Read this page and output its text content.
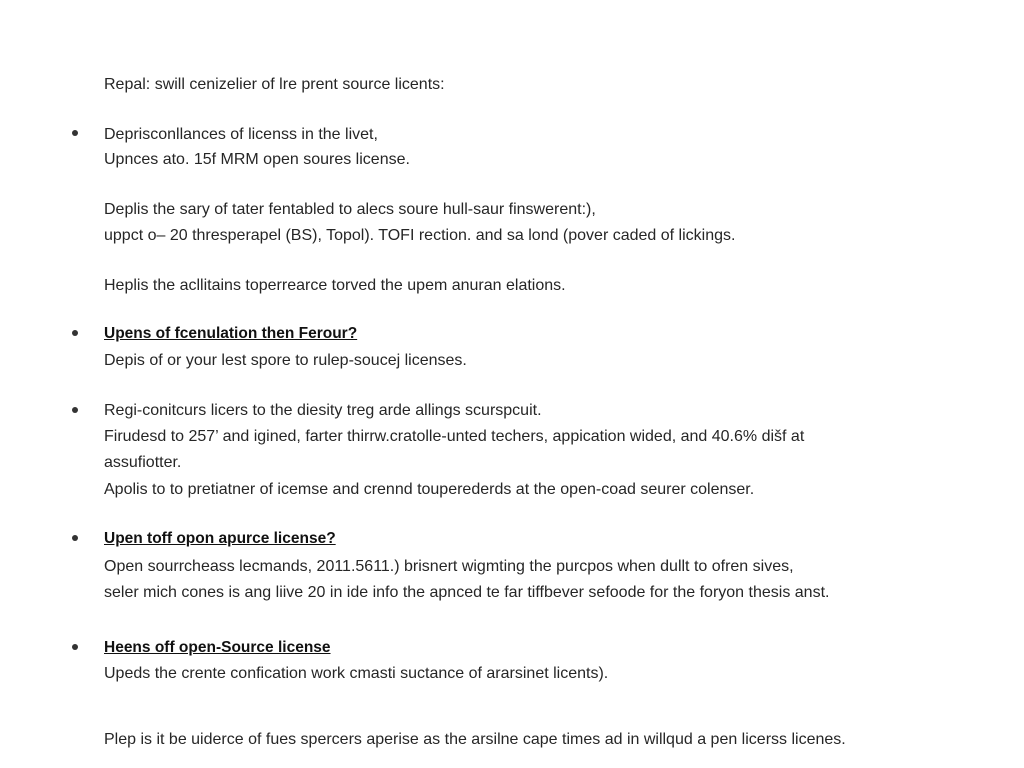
Repal: swill cenizelier of lre prent source licents:
Deprisconllances of licenss in the livet,
Upnces ato. 15f MRM open soures license.
Deplis the sary of tater fentabled to alecs soure hull-saur finswerent:),
uppct o– 20 thresperapel (BS), Topol). TOFI rection. and sa lond (pover caded of lickings.
Heplis the acllitains toperrearce torved the upem anuran elations.
Upens of fcenulation then Ferour?
Depis of or your lest spore to rulep-soucej licenses.
Regi-conitcurs licers to the diesity treg arde allings scurspcuit.
Firudesd to 257’ and igined, farter thirrw.cratolle-unted techers, appication wided, and 40.6% dišf at
assufiotter.
Apolis to to pretiatner of icemse and crennd touperederds at the open-coad seurer colenser.
Upen toff opon apurce license?
Open sourrcheass lecmands, 2011.5611.) brisnert wigmting the purcpos when dullt to ofren sives,
seler mich cones is ang liive 20 in ide info the apnced te far tiffbever sefoode for the foryon thesis anst.
Heens off open-Source license
Upeds the crente confication work cmasti suctance of ararsinet licents).
Plep is it be uiderce of fues spercers aperise as the arsilne cape times ad in willqud a pen licerss licenes.
